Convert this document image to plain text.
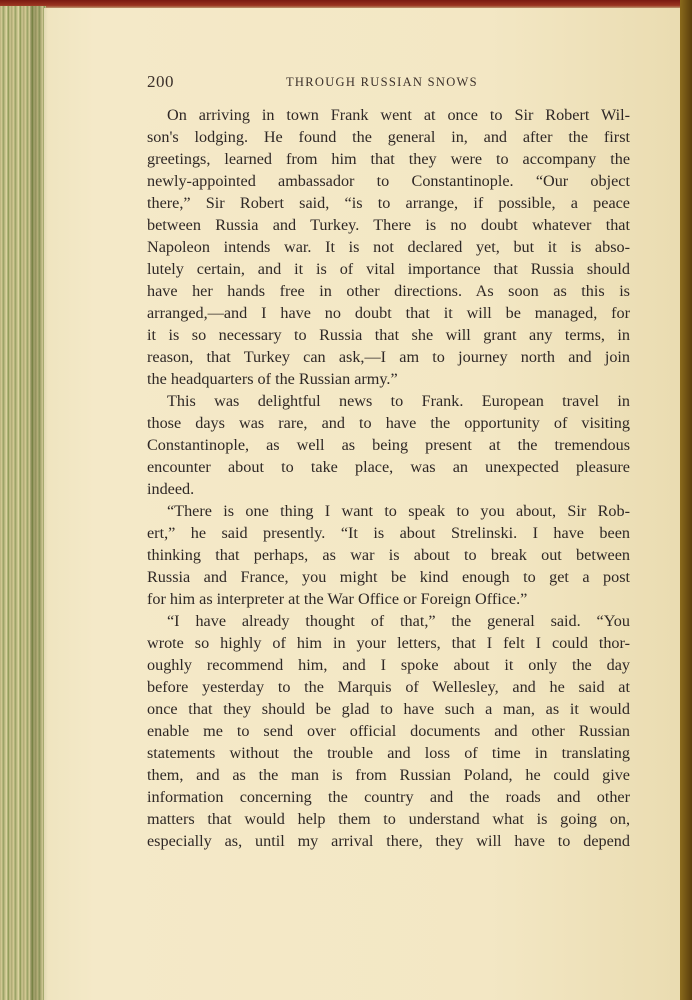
200	THROUGH RUSSIAN SNOWS
On arriving in town Frank went at once to Sir Robert Wil-
son's lodging. He found the general in, and after the first
greetings, learned from him that they were to accompany the
newly-appointed ambassador to Constantinople. “Our object
there,” Sir Robert said, “is to arrange, if possible, a peace
between Russia and Turkey. There is no doubt whatever that
Napoleon intends war. It is not declared yet, but it is abso-
lutely certain, and it is of vital importance that Russia should
have her hands free in other directions. As soon as this is
arranged,—and I have no doubt that it will be managed, for
it is so necessary to Russia that she will grant any terms, in
reason, that Turkey can ask,—I am to journey north and join
the headquarters of the Russian army.”
This was delightful news to Frank. European travel in
those days was rare, and to have the opportunity of visiting
Constantinople, as well as being present at the tremendous
encounter about to take place, was an unexpected pleasure
indeed.
“There is one thing I want to speak to you about, Sir Rob-
ert,” he said presently. “It is about Strelinski. I have been
thinking that perhaps, as war is about to break out between
Russia and France, you might be kind enough to get a post
for him as interpreter at the War Office or Foreign Office.”
“I have already thought of that,” the general said. “You
wrote so highly of him in your letters, that I felt I could thor-
oughly recommend him, and I spoke about it only the day
before yesterday to the Marquis of Wellesley, and he said at
once that they should be glad to have such a man, as it would
enable me to send over official documents and other Russian
statements without the trouble and loss of time in translating
them, and as the man is from Russian Poland, he could give
information concerning the country and the roads and other
matters that would help them to understand what is going on,
especially as, until my arrival there, they will have to depend
